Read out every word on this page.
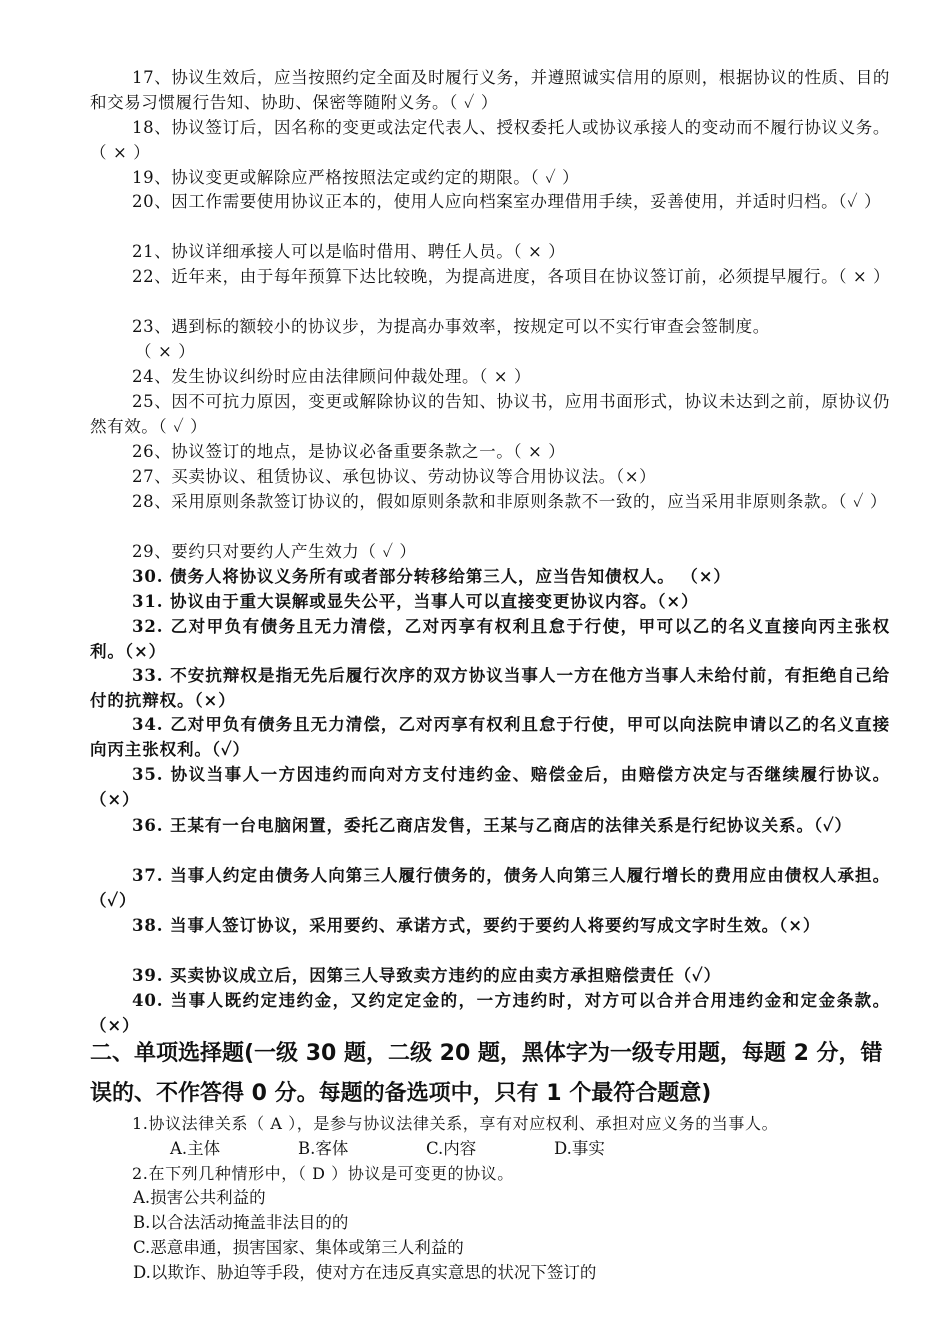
17、协议生效后，应当按照约定全面及时履行义务，并遵照诚实信用的原则，根据协议的性质、目的和交易习惯履行告知、协助、保密等随附义务。（ ✓ ）

18、协议签订后，因名称的变更或法定代表人、授权委托人或协议承接人的变动而不履行协议义务。（ × ）

19、协议变更或解除应严格按照法定或约定的期限。（ ✓ ）

20、因工作需要使用协议正本的，使用人应向档案室办理借用手续，妥善使用，并适时归档。（✓ ）

21、协议详细承接人可以是临时借用、聘任人员。（ × ）

22、近年来，由于每年预算下达比较晚，为提高进度，各项目在协议签订前，必须提早履行。（ × ）

23、遇到标的额较小的协议步，为提高办事效率，按规定可以不实行审查会签制度。

（ × ）

24、发生协议纠纷时应由法律顾问仲裁处理。（ × ）

25、因不可抗力原因，变更或解除协议的告知、协议书，应用书面形式，协议未达到之前，原协议仍然有效。（ ✓ ）

26、协议签订的地点，是协议必备重要条款之一。（ × ）

27、买卖协议、租赁协议、承包协议、劳动协议等合用协议法。（×）

28、采用原则条款签订协议的，假如原则条款和非原则条款不一致的，应当采用非原则条款。（ ✓ ）

29、要约只对要约人产生效力（ ✓ ）

30. 债务人将协议义务所有或者部分转移给第三人，应当告知债权人。 （×）

31. 协议由于重大误解或显失公平，当事人可以直接变更协议内容。（×）

32. 乙对甲负有债务且无力清偿，乙对丙享有权利且怠于行使，甲可以乙的名义直接向丙主张权利。（×）

33. 不安抗辩权是指无先后履行次序的双方协议当事人一方在他方当事人未给付前，有拒绝自己给付的抗辩权。（×）

34. 乙对甲负有债务且无力清偿，乙对丙享有权利且怠于行使，甲可以向法院申请以乙的名义直接向丙主张权利。（✓）

35. 协议当事人一方因违约而向对方支付违约金、赔偿金后，由赔偿方决定与否继续履行协议。（×）

36. 王某有一台电脑闲置，委托乙商店发售，王某与乙商店的法律关系是行纪协议关系。（✓）

37. 当事人约定由债务人向第三人履行债务的，债务人向第三人履行增长的费用应由债权人承担。（✓）

38. 当事人签订协议，采用要约、承诺方式，要约于要约人将要约写成文字时生效。（×）

39. 买卖协议成立后，因第三人导致卖方违约的应由卖方承担赔偿责任（✓）

40. 当事人既约定违约金，又约定定金的，一方违约时，对方可以合并合用违约金和定金条款。（×）

二、单项选择题(一级 30 题，二级 20 题，黑体字为一级专用题，每题 2 分，错误的、不作答得 0 分。每题的备选项中，只有 1 个最符合题意)

1.协议法律关系（ A ），是参与协议法律关系，享有对应权利、承担对应义务的当事人。

A.主体	B.客体	C.内容	D.事实

2.在下列几种情形中，（ D ）协议是可变更的协议。

A.损害公共利益的

B.以合法活动掩盖非法目的的

C.恶意串通，损害国家、集体或第三人利益的

D.以欺诈、胁迫等手段，使对方在违反真实意思的状况下签订的
